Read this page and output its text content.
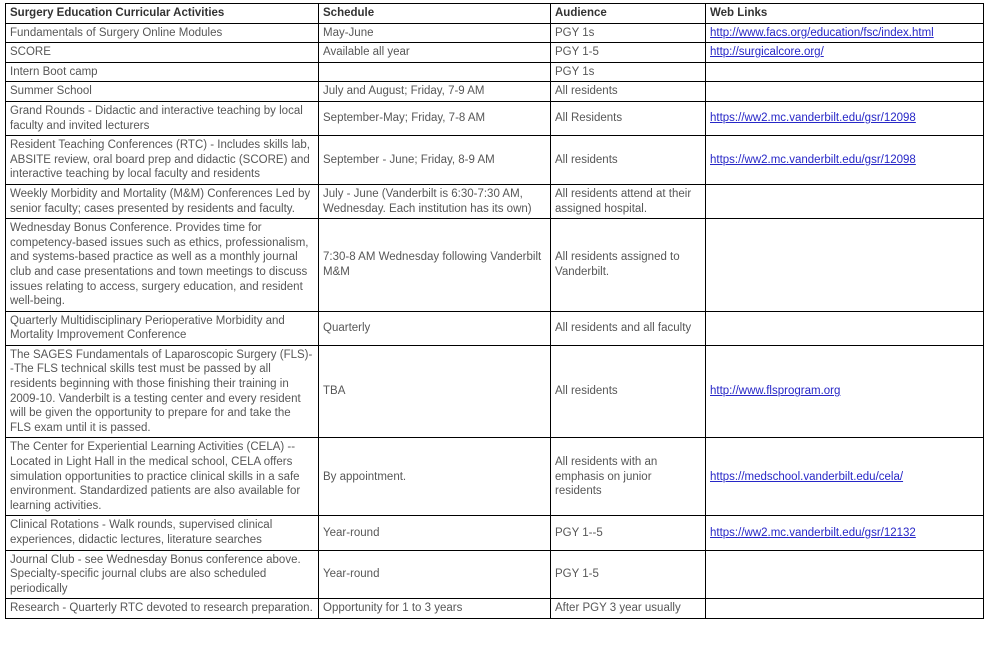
Surgery Education Curricular Activities	Schedule	Audience	Web Links
Fundamentals of Surgery Online Modules	May-June	PGY 1s	http://www.facs.org/education/fsc/index.html
SCORE	Available all year	PGY 1-5	http://surgicalcore.org/
Intern Boot camp		PGY 1s	
Summer School	July and August; Friday, 7-9 AM	All residents	
Grand Rounds - Didactic and interactive teaching by local faculty and invited lecturers	September-May; Friday, 7-8 AM	All Residents	https://ww2.mc.vanderbilt.edu/gsr/12098
Resident Teaching Conferences (RTC) - Includes skills lab, ABSITE review, oral board prep and didactic (SCORE) and interactive teaching by local faculty and residents	September - June; Friday, 8-9 AM	All residents	https://ww2.mc.vanderbilt.edu/gsr/12098
Weekly Morbidity and Mortality (M&M) Conferences Led by senior faculty; cases presented by residents and faculty.	July - June (Vanderbilt is 6:30-7:30 AM, Wednesday. Each institution has its own)	All residents attend at their assigned hospital.	
Wednesday Bonus Conference. Provides time for competency-based issues such as ethics, professionalism, and systems-based practice as well as a monthly journal club and case presentations and town meetings to discuss issues relating to access, surgery education, and resident well-being.	7:30-8 AM Wednesday following Vanderbilt M&M	All residents assigned to Vanderbilt.	
Quarterly Multidisciplinary Perioperative Morbidity and Mortality Improvement Conference	Quarterly	All residents and all faculty	
The SAGES Fundamentals of Laparoscopic Surgery (FLS)--The FLS technical skills test must be passed by all residents beginning with those finishing their training in 2009-10. Vanderbilt is a testing center and every resident will be given the opportunity to prepare for and take the FLS exam until it is passed.	TBA	All residents	http://www.flsprogram.org
The Center for Experiential Learning Activities (CELA) -- Located in Light Hall in the medical school, CELA offers simulation opportunities to practice clinical skills in a safe environment. Standardized patients are also available for learning activities.	By appointment.	All residents with an emphasis on junior residents	https://medschool.vanderbilt.edu/cela/
Clinical Rotations - Walk rounds, supervised clinical experiences, didactic lectures, literature searches	Year-round	PGY 1--5	https://ww2.mc.vanderbilt.edu/gsr/12132
Journal Club - see Wednesday Bonus conference above. Specialty-specific journal clubs are also scheduled periodically	Year-round	PGY 1-5	
Research - Quarterly RTC devoted to research preparation.	Opportunity for 1 to 3 years	After PGY 3 year usually	
